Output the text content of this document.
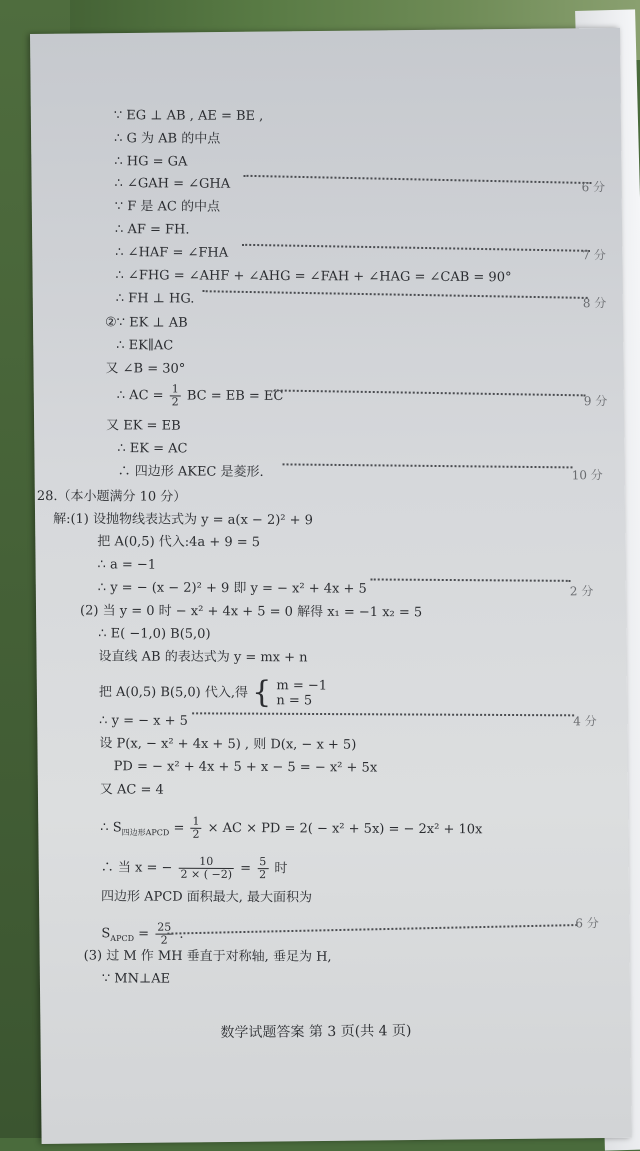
∵ EG ⊥ AB , AE = BE ,
∴ G 为 AB 的中点
∴ HG = GA
∴ ∠GAH = ∠GHA	6 分
∵ F 是 AC 的中点
∴ AF = FH.
∴ ∠HAF = ∠FHA	7 分
∴ ∠FHG = ∠AHF + ∠AHG = ∠FAH + ∠HAG = ∠CAB = 90°
∴ FH ⊥ HG.	8 分
②∵ EK ⊥ AB
∴ EK∥AC
又 ∠B = 30°
∴ AC = $\frac{1}{2}$ BC = EB = EC	9 分
又 EK = EB
∴ EK = AC
∴ 四边形 AKEC 是菱形.	10 分
28.（本小题满分 10 分）
解:(1) 设抛物线表达式为 y = a(x − 2)² + 9
把 A(0,5) 代入:4a + 9 = 5
∴ a = −1
∴ y = − (x − 2)² + 9 即 y = − x² + 4x + 5	2 分
(2) 当 y = 0 时 − x² + 4x + 5 = 0 解得 x₁ = −1 x₂ = 5
∴ E( −1,0) B(5,0)
设直线 AB 的表达式为 y = mx + n
把 A(0,5) B(5,0) 代入,得 { m = −1
n = 5
∴ y = − x + 5	4 分
设 P(x, − x² + 4x + 5) , 则 D(x, − x + 5)
PD = − x² + 4x + 5 + x − 5 = − x² + 5x
又 AC = 4
∴ $S_{四边形APCD} = \frac{1}{2}$ × AC × PD = 2( − x² + 5x) = − 2x² + 10x
∴ 当 x = − $\frac{10}{2 \times ( -2)} = \frac{5}{2}$ 时
四边形 APCD 面积最大, 最大面积为
$S_{APCD} = \frac{25}{2}$ .
6 分
(3) 过 M 作 MH 垂直于对称轴, 垂足为 H,
∵ MN⊥AE
数学试题答案 第 3 页(共 4 页)
